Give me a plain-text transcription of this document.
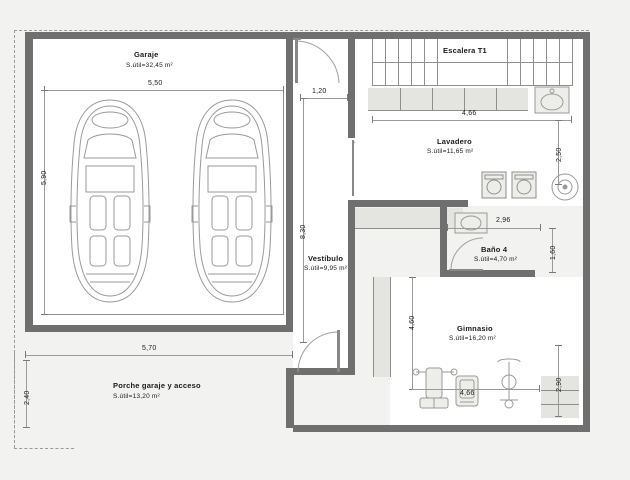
Garaje
S.útil=32,45 m²
Vestíbulo
S.útil=9,95 m²
Escalera T1
Lavadero
S.útil=11,65 m²
Baño 4
S.útil=4,70 m²
Gimnasio
S.útil=16,20 m²
Porche garaje y acceso
S.útil=13,20 m²
5,50
5,90
5,70
1,20
8,30
4,66
2,50
2,96
1,60
4,60
4,66
2,90
2,40
